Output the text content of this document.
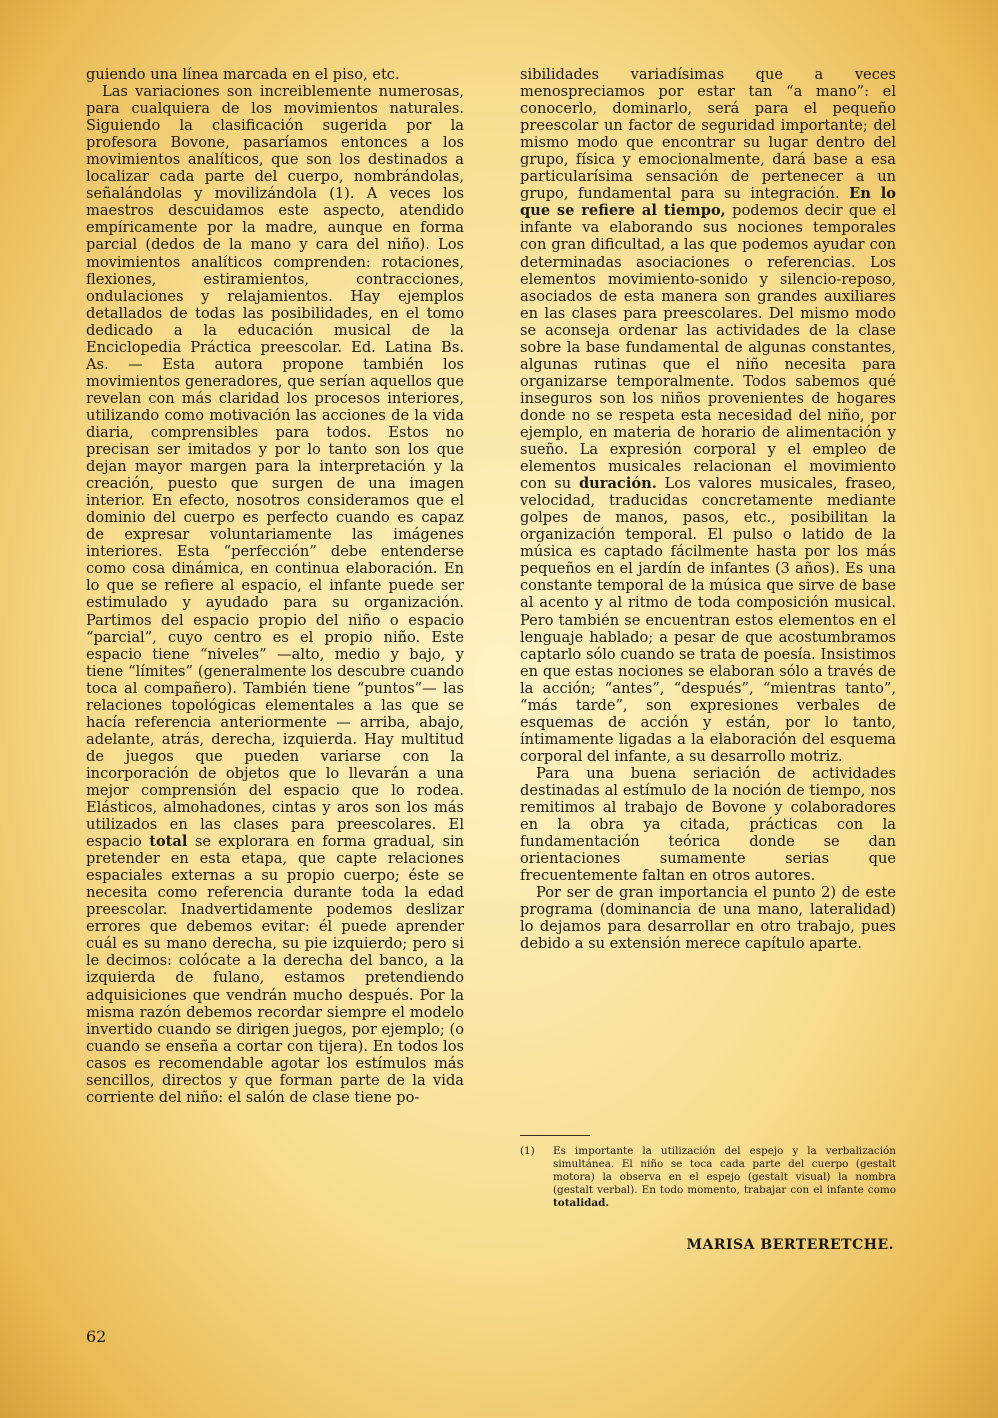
guiendo una línea marcada en el piso, etc.

Las variaciones son increiblemente numerosas, para cualquiera de los movimientos naturales. Siguiendo la clasificación sugerida por la profesora Bovone, pasaríamos entonces a los movimientos analíticos, que son los destinados a localizar cada parte del cuerpo, nombrándolas, señalándolas y movilizándola (1). A veces los maestros descuidamos este aspecto, atendido empíricamente por la madre, aunque en forma parcial (dedos de la mano y cara del niño). Los movimientos analíticos comprenden: rotaciones, flexiones, estiramientos, contracciones, ondulaciones y relajamientos. Hay ejemplos detallados de todas las posibilidades, en el tomo dedicado a la educación musical de la Enciclopedia Práctica preescolar. Ed. Latina Bs. As. — Esta autora propone también los movimientos generadores, que serían aquellos que revelan con más claridad los procesos interiores, utilizando como motivación las acciones de la vida diaria, comprensibles para todos. Estos no precisan ser imitados y por lo tanto son los que dejan mayor margen para la interpretación y la creación, puesto que surgen de una imagen interior. En efecto, nosotros consideramos que el dominio del cuerpo es perfecto cuando es capaz de expresar voluntariamente las imágenes interiores. Esta “perfección” debe entenderse como cosa dinámica, en continua elaboración. En lo que se refiere al espacio, el infante puede ser estimulado y ayudado para su organización. Partimos del espacio propio del niño o espacio “parcial”, cuyo centro es el propio niño. Este espacio tiene “niveles” —alto, medio y bajo, y tiene “límites” (generalmente los descubre cuando toca al compañero). También tiene “puntos”— las relaciones topológicas elementales a las que se hacía referencia anteriormente — arriba, abajo, adelante, atrás, derecha, izquierda. Hay multitud de juegos que pueden variarse con la incorporación de objetos que lo llevarán a una mejor comprensión del espacio que lo rodea. Elásticos, almohadones, cintas y aros son los más utilizados en las clases para preescolares. El espacio total se explorara en forma gradual, sin pretender en esta etapa, que capte relaciones espaciales externas a su propio cuerpo; éste se necesita como referencia durante toda la edad preescolar. Inadvertidamente podemos deslizar errores que debemos evitar: él puede aprender cuál es su mano derecha, su pie izquierdo; pero si le decimos: colócate a la derecha del banco, a la izquierda de fulano, estamos pretendiendo adquisiciones que vendrán mucho después. Por la misma razón debemos recordar siempre el modelo invertido cuando se dirigen juegos, por ejemplo; (o cuando se enseña a cortar con tijera). En todos los casos es recomendable agotar los estímulos más sencillos, directos y que forman parte de la vida corriente del niño: el salón de clase tiene po-

sibilidades variadísimas que a veces menospreciamos por estar tan “a mano”: el conocerlo, dominarlo, será para el pequeño preescolar un factor de seguridad importante; del mismo modo que encontrar su lugar dentro del grupo, física y emocionalmente, dará base a esa particularísima sensación de pertenecer a un grupo, fundamental para su integración. En lo que se refiere al tiempo, podemos decir que el infante va elaborando sus nociones temporales con gran dificultad, a las que podemos ayudar con determinadas asociaciones o referencias. Los elementos movimiento-sonido y silencio-reposo, asociados de esta manera son grandes auxiliares en las clases para preescolares. Del mismo modo se aconseja ordenar las actividades de la clase sobre la base fundamental de algunas constantes, algunas rutinas que el niño necesita para organizarse temporalmente. Todos sabemos qué inseguros son los niños provenientes de hogares donde no se respeta esta necesidad del niño, por ejemplo, en materia de horario de alimentación y sueño. La expresión corporal y el empleo de elementos musicales relacionan el movimiento con su duración. Los valores musicales, fraseo, velocidad, traducidas concretamente mediante golpes de manos, pasos, etc., posibilitan la organización temporal. El pulso o latido de la música es captado fácilmente hasta por los más pequeños en el jardín de infantes (3 años). Es una constante temporal de la música que sirve de base al acento y al ritmo de toda composición musical. Pero también se encuentran estos elementos en el lenguaje hablado; a pesar de que acostumbramos captarlo sólo cuando se trata de poesía. Insistimos en que estas nociones se elaboran sólo a través de la acción; “antes”, “después”, “mientras tanto”, “más tarde”, son expresiones verbales de esquemas de acción y están, por lo tanto, íntimamente ligadas a la elaboración del esquema corporal del infante, a su desarrollo motriz.

Para una buena seriación de actividades destinadas al estímulo de la noción de tiempo, nos remitimos al trabajo de Bovone y colaboradores en la obra ya citada, prácticas con la fundamentación teórica donde se dan orientaciones sumamente serias que frecuentemente faltan en otros autores.

Por ser de gran importancia el punto 2) de este programa (dominancia de una mano, lateralidad) lo dejamos para desarrollar en otro trabajo, pues debido a su extensión merece capítulo aparte.

(1) Es importante la utilización del espejo y la verbalización simultánea. El niño se toca cada parte del cuerpo (gestalt motora) la observa en el espejo (gestalt visual) la nombra (gestalt verbal). En todo momento, trabajar con el infante como totalidad.
MARISA BERTERETCHE.
62
